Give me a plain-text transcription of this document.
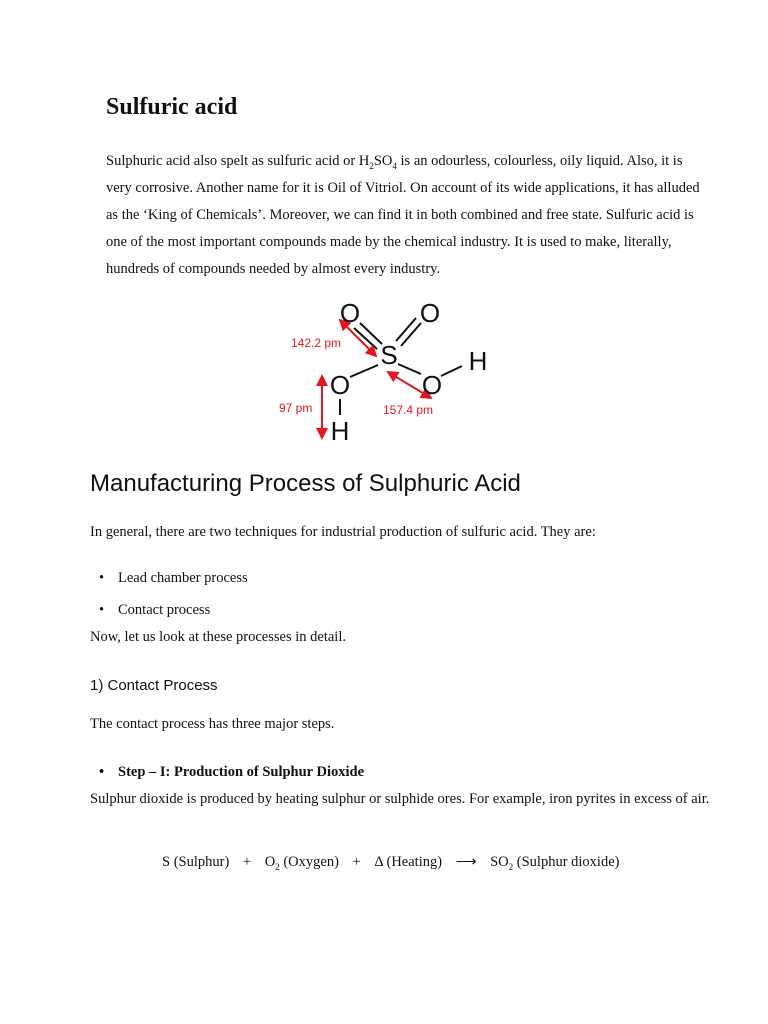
Sulfuric acid

Sulphuric acid also spelt as sulfuric acid or $H_2SO_4$ is an odourless, colourless, oily liquid. Also, it is very corrosive. Another name for it is Oil of Vitriol. On account of its wide applications, it has alluded as the ‘King of Chemicals’. Moreover, we can find it in both combined and free state. Sulfuric acid is one of the most important compounds made by the chemical industry. It is used to make, literally, hundreds of compounds needed by almost every industry.

O O
S
O	O
H
H
142.2 pm
97 pm	157.4 pm
Manufacturing Process of Sulphuric Acid

In general, there are two techniques for industrial production of sulfuric acid. They are:

• Lead chamber process
• Contact process

Now, let us look at these processes in detail.

1) Contact Process

The contact process has three major steps.

• Step – I: Production of Sulphur Dioxide

Sulphur dioxide is produced by heating sulphur or sulphide ores. For example, iron pyrites in excess of air.

S (Sulphur) + $O_2$ (Oxygen) + Δ (Heating) ⟶ $SO_2$ (Sulphur dioxide)
